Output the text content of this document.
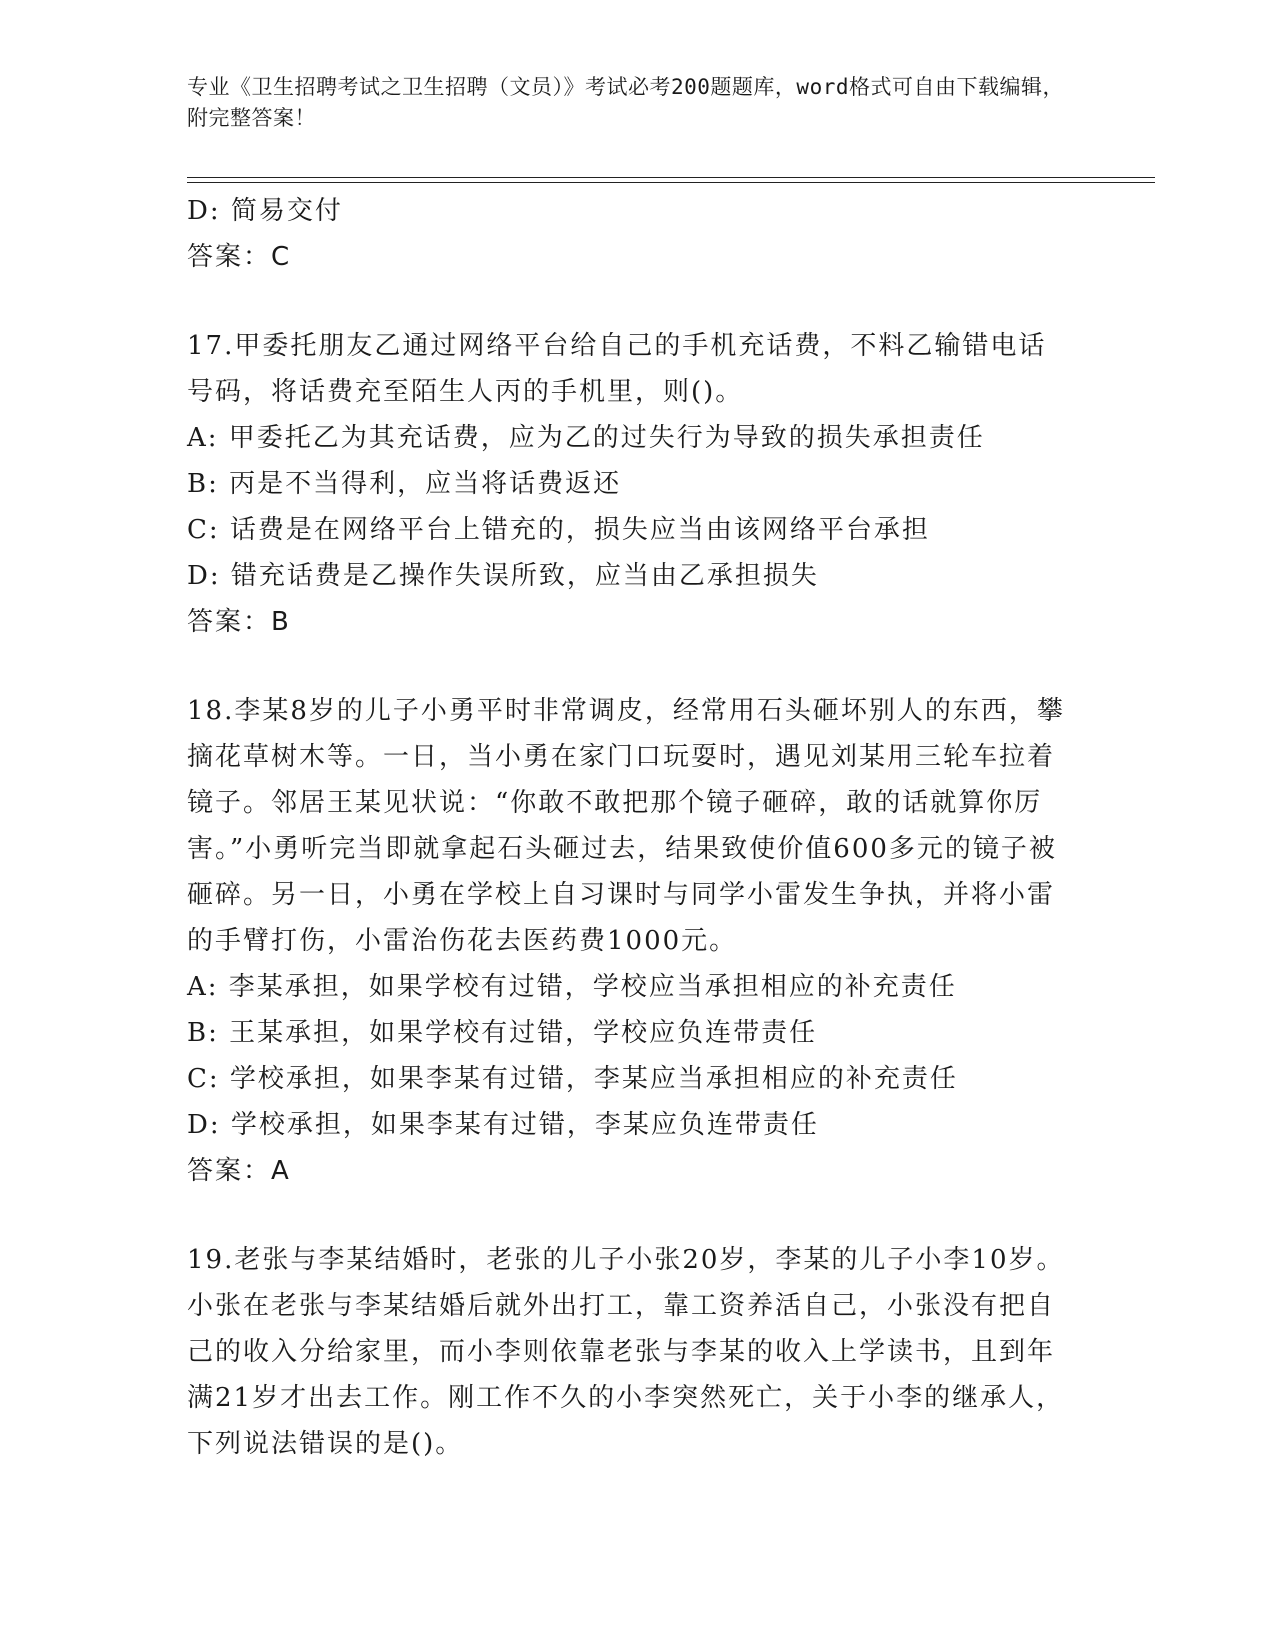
专业《卫生招聘考试之卫生招聘（文员）》考试必考200题题库，word格式可自由下载编辑，附完整答案！
D: 简易交付
答案：C
17.甲委托朋友乙通过网络平台给自己的手机充话费，不料乙输错电话号码，将话费充至陌生人丙的手机里，则()。
A: 甲委托乙为其充话费，应为乙的过失行为导致的损失承担责任
B: 丙是不当得利，应当将话费返还
C: 话费是在网络平台上错充的，损失应当由该网络平台承担
D: 错充话费是乙操作失误所致，应当由乙承担损失
答案：B
18.李某8岁的儿子小勇平时非常调皮，经常用石头砸坏别人的东西，攀摘花草树木等。一日，当小勇在家门口玩耍时，遇见刘某用三轮车拉着镜子。邻居王某见状说：“你敢不敢把那个镜子砸碎，敢的话就算你厉害。”小勇听完当即就拿起石头砸过去，结果致使价值600多元的镜子被砸碎。另一日，小勇在学校上自习课时与同学小雷发生争执，并将小雷的手臂打伤，小雷治伤花去医药费1000元。
A: 李某承担，如果学校有过错，学校应当承担相应的补充责任
B: 王某承担，如果学校有过错，学校应负连带责任
C: 学校承担，如果李某有过错，李某应当承担相应的补充责任
D: 学校承担，如果李某有过错，李某应负连带责任
答案：A
19.老张与李某结婚时，老张的儿子小张20岁，李某的儿子小李10岁。小张在老张与李某结婚后就外出打工，靠工资养活自己，小张没有把自己的收入分给家里，而小李则依靠老张与李某的收入上学读书，且到年满21岁才出去工作。刚工作不久的小李突然死亡，关于小李的继承人，下列说法错误的是()。
